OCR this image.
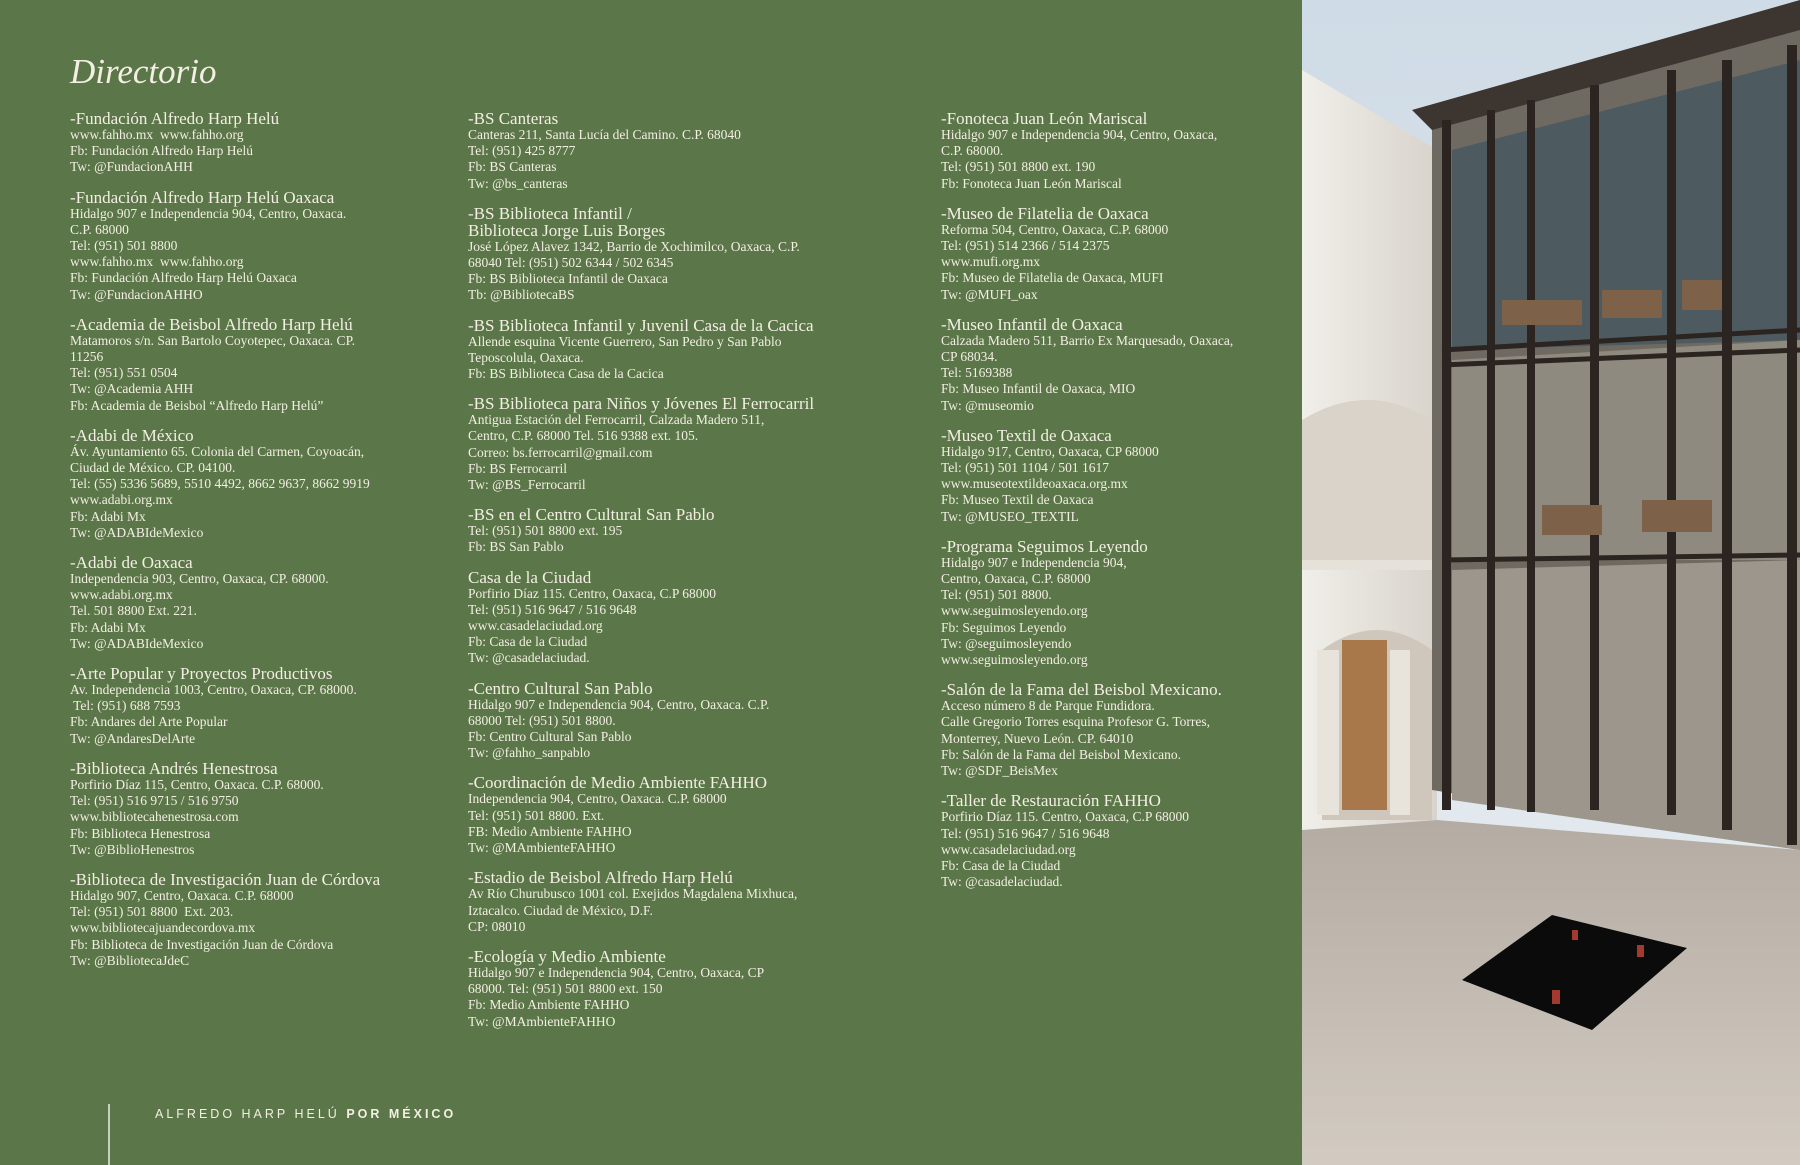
Directorio
-Fundación Alfredo Harp Helú
www.fahho.mx  www.fahho.org
Fb: Fundación Alfredo Harp Helú
Tw: @FundacionAHH
-Fundación Alfredo Harp Helú Oaxaca
Hidalgo 907 e Independencia 904, Centro, Oaxaca.
C.P. 68000
Tel: (951) 501 8800
www.fahho.mx  www.fahho.org
Fb: Fundación Alfredo Harp Helú Oaxaca
Tw: @FundacionAHHO
-Academia de Beisbol Alfredo Harp Helú
Matamoros s/n. San Bartolo Coyotepec, Oaxaca. CP.
11256
Tel: (951) 551 0504
Tw: @Academia AHH
Fb: Academia de Beisbol “Alfredo Harp Helú”
-Adabi de México
Áv. Ayuntamiento 65. Colonia del Carmen, Coyoacán,
Ciudad de México. CP. 04100.
Tel: (55) 5336 5689, 5510 4492, 8662 9637, 8662 9919
www.adabi.org.mx
Fb: Adabi Mx
Tw: @ADABIdeMexico
-Adabi de Oaxaca
Independencia 903, Centro, Oaxaca, CP. 68000.
www.adabi.org.mx
Tel. 501 8800 Ext. 221.
Fb: Adabi Mx
Tw: @ADABIdeMexico
-Arte Popular y Proyectos Productivos
Av. Independencia 1003, Centro, Oaxaca, CP. 68000.
Tel: (951) 688 7593
Fb: Andares del Arte Popular
Tw: @AndaresDelArte
-Biblioteca Andrés Henestrosa
Porfirio Díaz 115, Centro, Oaxaca. C.P. 68000.
Tel: (951) 516 9715 / 516 9750
www.bibliotecahenestrosa.com
Fb: Biblioteca Henestrosa
Tw: @BiblioHenestros
-Biblioteca de Investigación Juan de Córdova
Hidalgo 907, Centro, Oaxaca. C.P. 68000
Tel: (951) 501 8800  Ext. 203.
www.bibliotecajuandecordova.mx
Fb: Biblioteca de Investigación Juan de Córdova
Tw: @BibliotecaJdeC
-BS Canteras
Canteras 211, Santa Lucía del Camino. C.P. 68040
Tel: (951) 425 8777
Fb: BS Canteras
Tw: @bs_canteras
-BS Biblioteca Infantil /
Biblioteca Jorge Luis Borges
José López Alavez 1342, Barrio de Xochimilco, Oaxaca, C.P.
68040 Tel: (951) 502 6344 / 502 6345
Fb: BS Biblioteca Infantil de Oaxaca
Tb: @BibliotecaBS
-BS Biblioteca Infantil y Juvenil Casa de la Cacica
Allende esquina Vicente Guerrero, San Pedro y San Pablo
Teposcolula, Oaxaca.
Fb: BS Biblioteca Casa de la Cacica
-BS Biblioteca para Niños y Jóvenes El Ferrocarril
Antigua Estación del Ferrocarril, Calzada Madero 511,
Centro, C.P. 68000 Tel. 516 9388 ext. 105.
Correo: bs.ferrocarril@gmail.com
Fb: BS Ferrocarril
Tw: @BS_Ferrocarril
-BS en el Centro Cultural San Pablo
Tel: (951) 501 8800 ext. 195
Fb: BS San Pablo
Casa de la Ciudad
Porfirio Díaz 115. Centro, Oaxaca, C.P 68000
Tel: (951) 516 9647 / 516 9648
www.casadelaciudad.org
Fb: Casa de la Ciudad
Tw: @casadelaciudad.
-Centro Cultural San Pablo
Hidalgo 907 e Independencia 904, Centro, Oaxaca. C.P.
68000 Tel: (951) 501 8800.
Fb: Centro Cultural San Pablo
Tw: @fahho_sanpablo
-Coordinación de Medio Ambiente FAHHO
Independencia 904, Centro, Oaxaca. C.P. 68000
Tel: (951) 501 8800. Ext.
FB: Medio Ambiente FAHHO
Tw: @MAmbienteFAHHO
-Estadio de Beisbol Alfredo Harp Helú
Av Río Churubusco 1001 col. Exejidos Magdalena Mixhuca,
Iztacalco. Ciudad de México, D.F.
CP: 08010
-Ecología y Medio Ambiente
Hidalgo 907 e Independencia 904, Centro, Oaxaca, CP
68000. Tel: (951) 501 8800 ext. 150
Fb: Medio Ambiente FAHHO
Tw: @MAmbienteFAHHO
-Fonoteca Juan León Mariscal
Hidalgo 907 e Independencia 904, Centro, Oaxaca,
C.P. 68000.
Tel: (951) 501 8800 ext. 190
Fb: Fonoteca Juan León Mariscal
-Museo de Filatelia de Oaxaca
Reforma 504, Centro, Oaxaca, C.P. 68000
Tel: (951) 514 2366 / 514 2375
www.mufi.org.mx
Fb: Museo de Filatelia de Oaxaca, MUFI
Tw: @MUFI_oax
-Museo Infantil de Oaxaca
Calzada Madero 511, Barrio Ex Marquesado, Oaxaca,
CP 68034.
Tel: 5169388
Fb: Museo Infantil de Oaxaca, MIO
Tw: @museomio
-Museo Textil de Oaxaca
Hidalgo 917, Centro, Oaxaca, CP 68000
Tel: (951) 501 1104 / 501 1617
www.museotextildeoaxaca.org.mx
Fb: Museo Textil de Oaxaca
Tw: @MUSEO_TEXTIL
-Programa Seguimos Leyendo
Hidalgo 907 e Independencia 904,
Centro, Oaxaca, C.P. 68000
Tel: (951) 501 8800.
www.seguimosleyendo.org
Fb: Seguimos Leyendo
Tw: @seguimosleyendo
www.seguimosleyendo.org
-Salón de la Fama del Beisbol Mexicano.
Acceso número 8 de Parque Fundidora.
Calle Gregorio Torres esquina Profesor G. Torres,
Monterrey, Nuevo León. CP. 64010
Fb: Salón de la Fama del Beisbol Mexicano.
Tw: @SDF_BeisMex
-Taller de Restauración FAHHO
Porfirio Díaz 115. Centro, Oaxaca, C.P 68000
Tel: (951) 516 9647 / 516 9648
www.casadelaciudad.org
Fb: Casa de la Ciudad
Tw: @casadelaciudad.
ALFREDO HARP HELÚ POR MÉXICO
